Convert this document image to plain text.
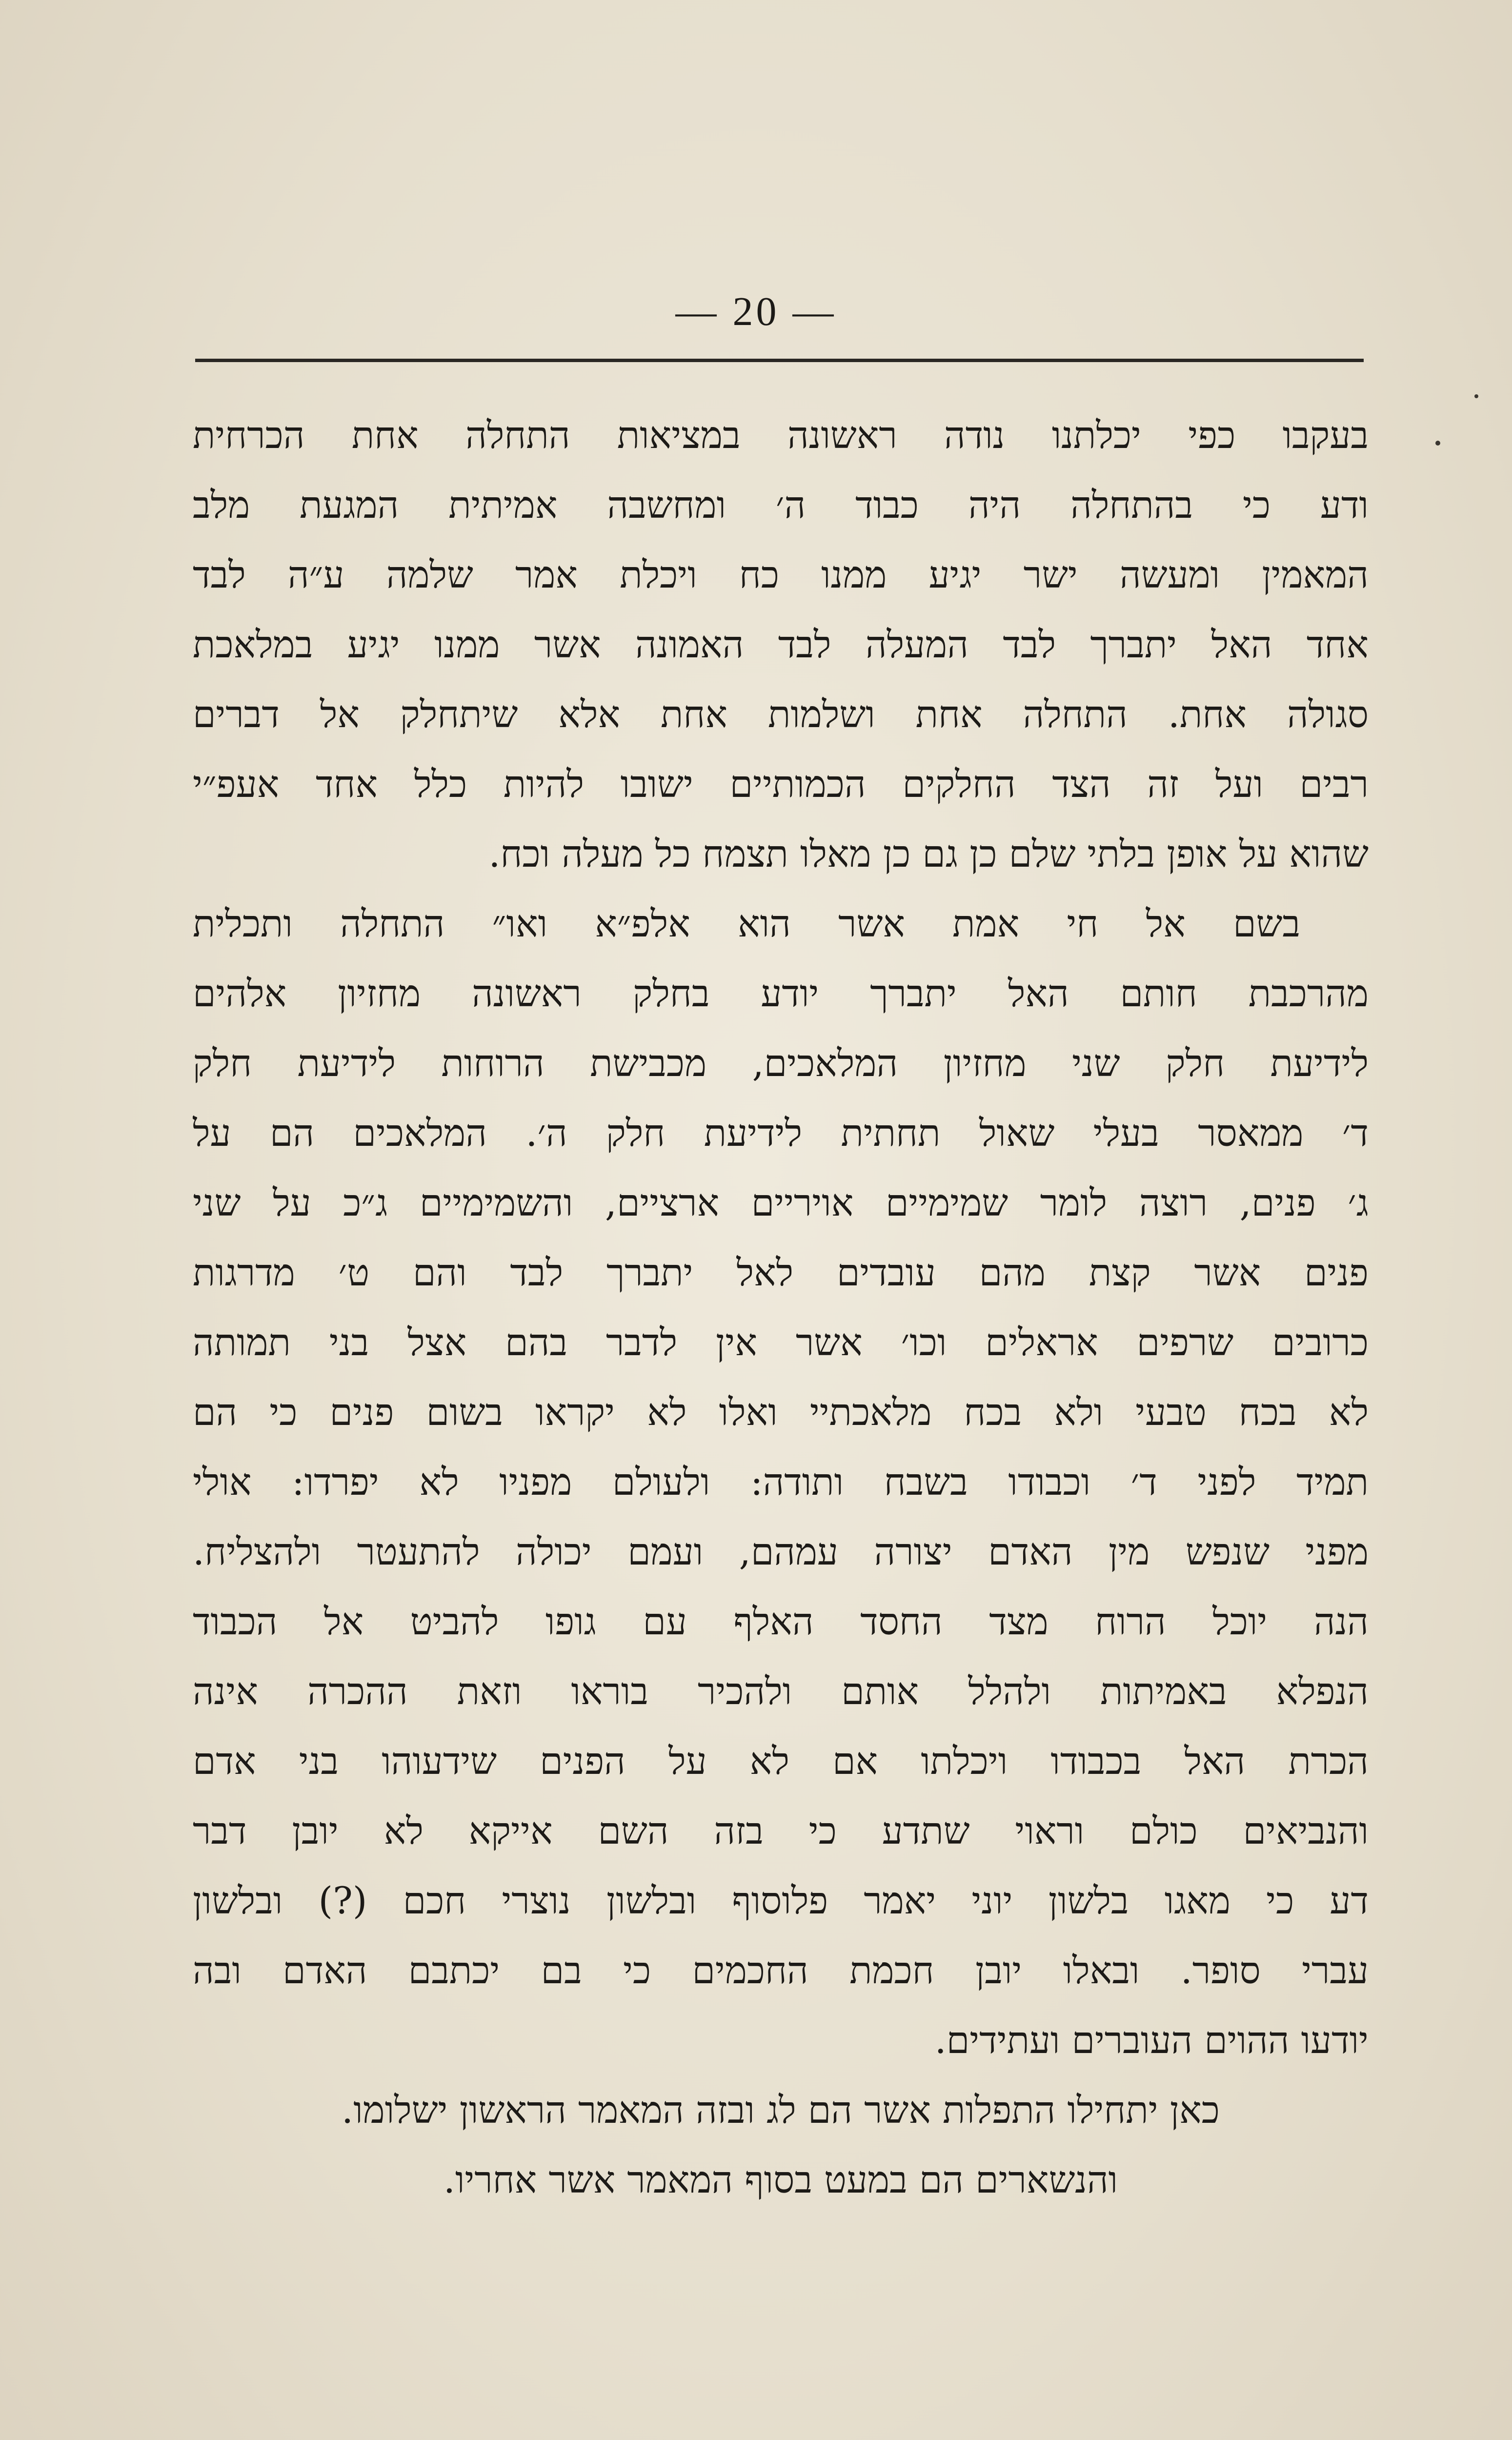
— 20 —
בעקבו כפי יכלתנו נודה ראשונה במציאות התחלה אחת הכרחית
ודע כי בהתחלה היה כבוד ה׳ ומחשבה אמיתית המגעת מלב
המאמין ומעשה ישר יגיע ממנו כח ויכלת אמר שלמה ע״ה לבד
אחד האל יתברך לבד המעלה לבד האמונה אשר ממנו יגיע במלאכת
סגולה אחת. התחלה אחת ושלמות אחת אלא שיתחלק אל דברים
רבים ועל זה הצד החלקים הכמותיים ישובו להיות כלל אחד אעפ״י
שהוא על אופן בלתי שלם כן גם כן מאלו תצמח כל מעלה וכח.
בשם אל חי אמת אשר הוא אלפ״א ואו״ התחלה ותכלית
מהרכבת חותם האל יתברך יודע בחלק ראשונה מחזיון אלהים
לידיעת חלק שני מחזיון המלאכים, מכבישת הרוחות לידיעת חלק
ד׳ ממאסר בעלי שאול תחתית לידיעת חלק ה׳. המלאכים הם על
ג׳ פנים, רוצה לומר שמימיים אויריים ארציים, והשמימיים ג״כ על שני
פנים אשר קצת מהם עובדים לאל יתברך לבד והם ט׳ מדרגות
כרובים שרפים אראלים וכו׳ אשר אין לדבר בהם אצל בני תמותה
לא בכח טבעי ולא בכח מלאכתיי ואלו לא יקראו בשום פנים כי הם
תמיד לפני ד׳ וכבודו בשבח ותודה: ולעולם מפניו לא יפרדו: אולי
מפני שנפש מין האדם יצורה עמהם, ועמם יכולה להתעטר ולהצליח.
הנה יוכל הרוח מצד החסד האלף עם גופו להביט אל הכבוד
הנפלא באמיתות ולהלל אותם ולהכיר בוראו וזאת ההכרה אינה
הכרת האל בכבודו ויכלתו אם לא על הפנים שידעוהו בני אדם
והנביאים כולם וראוי שתדע כי בזה השם אייקא לא יובן דבר
דע כי מאגו בלשון יוני יאמר פלוסוף ובלשון נוצרי חכם (?) ובלשון
עברי סופר. ובאלו יובן חכמת החכמים כי בם יכתבם האדם ובה
יודעו ההוים העוברים ועתידים.
כאן יתחילו התפלות אשר הם לג ובזה המאמר הראשון ישלומו.
והנשארים הם במעט בסוף המאמר אשר אחריו.
